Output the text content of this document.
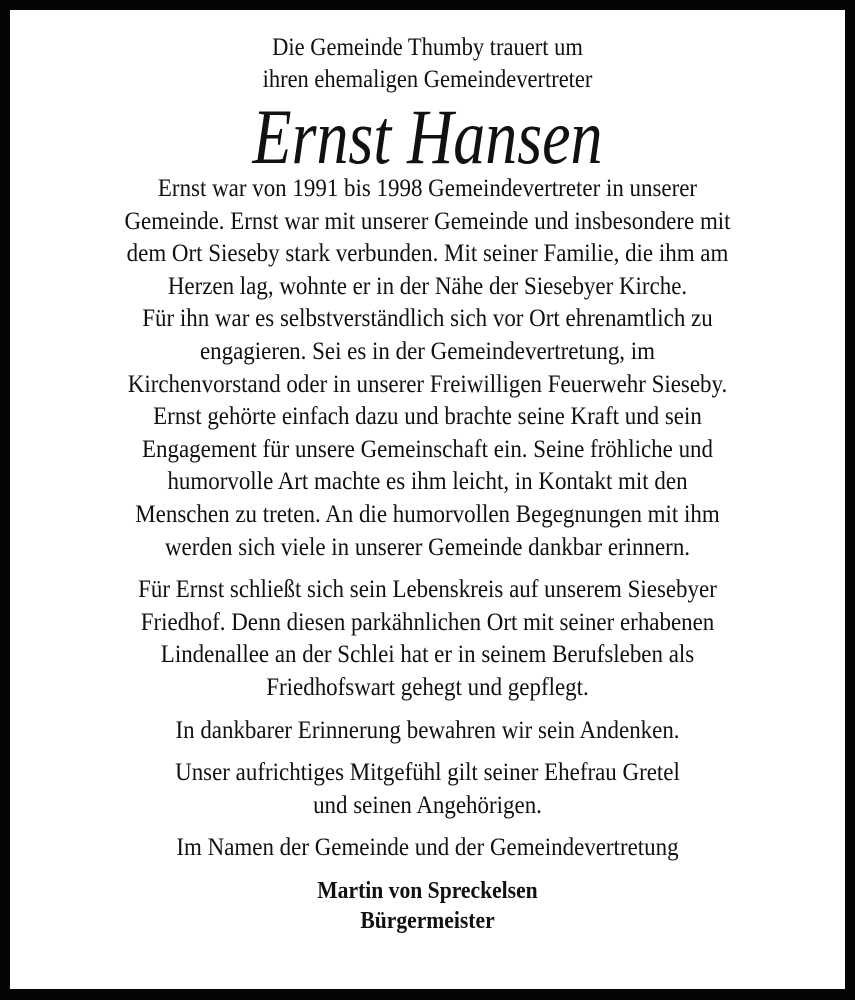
Die Gemeinde Thumby trauert um
ihren ehemaligen Gemeindevertreter
Ernst Hansen
Ernst war von 1991 bis 1998 Gemeindevertreter in unserer
Gemeinde. Ernst war mit unserer Gemeinde und insbesondere mit
dem Ort Sieseby stark verbunden. Mit seiner Familie, die ihm am
Herzen lag, wohnte er in der Nähe der Siesebyer Kirche.
Für ihn war es selbstverständlich sich vor Ort ehrenamtlich zu
engagieren. Sei es in der Gemeindevertretung, im
Kirchenvorstand oder in unserer Freiwilligen Feuerwehr Sieseby.
Ernst gehörte einfach dazu und brachte seine Kraft und sein
Engagement für unsere Gemeinschaft ein. Seine fröhliche und
humorvolle Art machte es ihm leicht, in Kontakt mit den
Menschen zu treten. An die humorvollen Begegnungen mit ihm
werden sich viele in unserer Gemeinde dankbar erinnern.
Für Ernst schließt sich sein Lebenskreis auf unserem Siesebyer
Friedhof. Denn diesen parkähnlichen Ort mit seiner erhabenen
Lindenallee an der Schlei hat er in seinem Berufsleben als
Friedhofswart gehegt und gepflegt.
In dankbarer Erinnerung bewahren wir sein Andenken.
Unser aufrichtiges Mitgefühl gilt seiner Ehefrau Gretel
und seinen Angehörigen.
Im Namen der Gemeinde und der Gemeindevertretung
Martin von Spreckelsen
Bürgermeister
